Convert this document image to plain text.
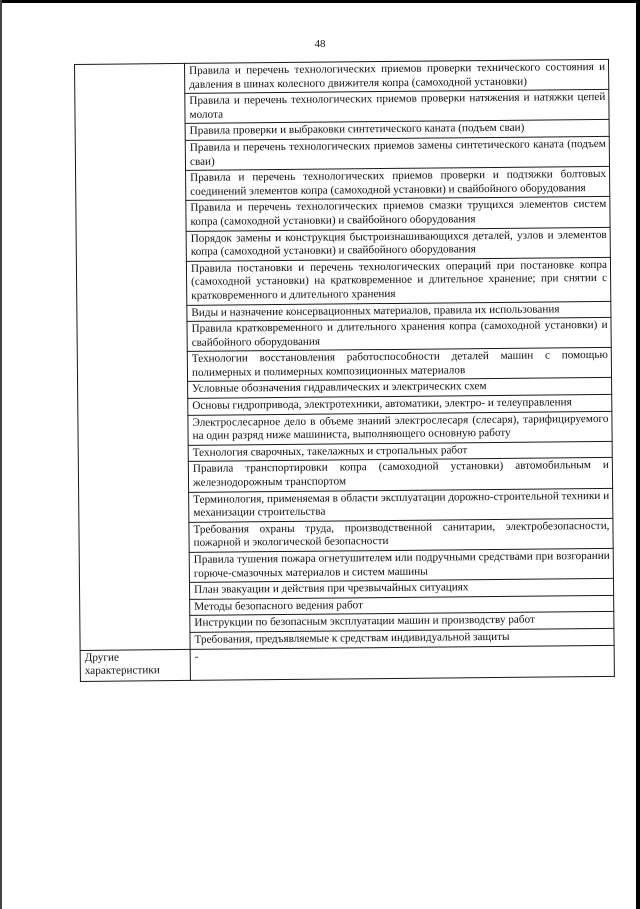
48
	Правила и перечень технологических приемов проверки технического состояния и давления в шинах колесного движителя копра (самоходной установки)
	Правила и перечень технологических приемов проверки натяжения и натяжки цепей молота
	Правила проверки и выбраковки синтетического каната (подъем сваи)
	Правила и перечень технологических приемов замены синтетического каната (подъем сваи)
	Правила и перечень технологических приемов проверки и подтяжки болтовых соединений элементов копра (самоходной установки) и свайбойного оборудования
	Правила и перечень технологических приемов смазки трущихся элементов систем копра (самоходной установки) и свайбойного оборудования
	Порядок замены и конструкция быстроизнашивающихся деталей, узлов и элементов копра (самоходной установки) и свайбойного оборудования
	Правила постановки и перечень технологических операций при постановке копра (самоходной установки) на кратковременное и длительное хранение; при снятии с кратковременного и длительного хранения
	Виды и назначение консервационных материалов, правила их использования
	Правила кратковременного и длительного хранения копра (самоходной установки) и свайбойного оборудования
	Технологии восстановления работоспособности деталей машин с помощью полимерных и полимерных композиционных материалов
	Условные обозначения гидравлических и электрических схем
	Основы гидропривода, электротехники, автоматики, электро- и телеуправления
	Электрослесарное дело в объеме знаний электрослесаря (слесаря), тарифицируемого на один разряд ниже машиниста, выполняющего основную работу
	Технология сварочных, такелажных и стропальных работ
	Правила транспортировки копра (самоходной установки) автомобильным и железнодорожным транспортом
	Терминология, применяемая в области эксплуатации дорожно-строительной техники и механизации строительства
	Требования охраны труда, производственной санитарии, электробезопасности, пожарной и экологической безопасности
	Правила тушения пожара огнетушителем или подручными средствами при возгорании горюче-смазочных материалов и систем машины
	План эвакуации и действия при чрезвычайных ситуациях
	Методы безопасного ведения работ
	Инструкции по безопасным эксплуатации машин и производству работ
	Требования, предъявляемые к средствам индивидуальной защиты
Другие характеристики	-
